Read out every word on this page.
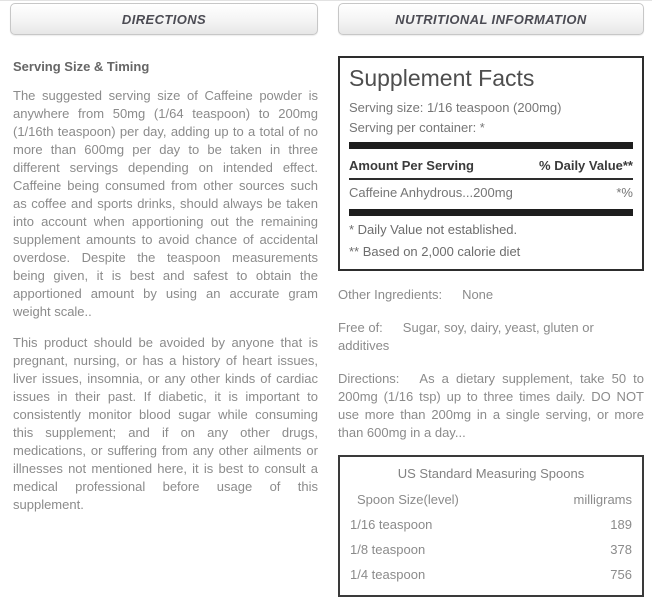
DIRECTIONS
Serving Size & Timing

The suggested serving size of Caffeine powder is anywhere from 50mg (1/64 teaspoon) to 200mg (1/16th teaspoon) per day, adding up to a total of no more than 600mg per day to be taken in three different servings depending on intended effect. Caffeine being consumed from other sources such as coffee and sports drinks, should always be taken into account when apportioning out the remaining supplement amounts to avoid chance of accidental overdose. Despite the teaspoon measurements being given, it is best and safest to obtain the apportioned amount by using an accurate gram weight scale..

This product should be avoided by anyone that is pregnant, nursing, or has a history of heart issues, liver issues, insomnia, or any other kinds of cardiac issues in their past. If diabetic, it is important to consistently monitor blood sugar while consuming this supplement; and if on any other drugs, medications, or suffering from any other ailments or illnesses not mentioned here, it is best to consult a medical professional before usage of this supplement.

NUTRITIONAL INFORMATION
Supplement Facts
Serving size: 1/16 teaspoon (200mg)
Serving per container: *
Amount Per Serving	% Daily Value**
Caffeine Anhydrous...200mg	*%
* Daily Value not established.
** Based on 2,000 calorie diet
Other Ingredients: None
Free of: Sugar, soy, dairy, yeast, gluten or additives
Directions: As a dietary supplement, take 50 to 200mg (1/16 tsp) up to three times daily. DO NOT use more than 200mg in a single serving, or more than 600mg in a day...
US Standard Measuring Spoons
Spoon Size(level)	milligrams
1/16 teaspoon	189
1/8 teaspoon	378
1/4 teaspoon	756
